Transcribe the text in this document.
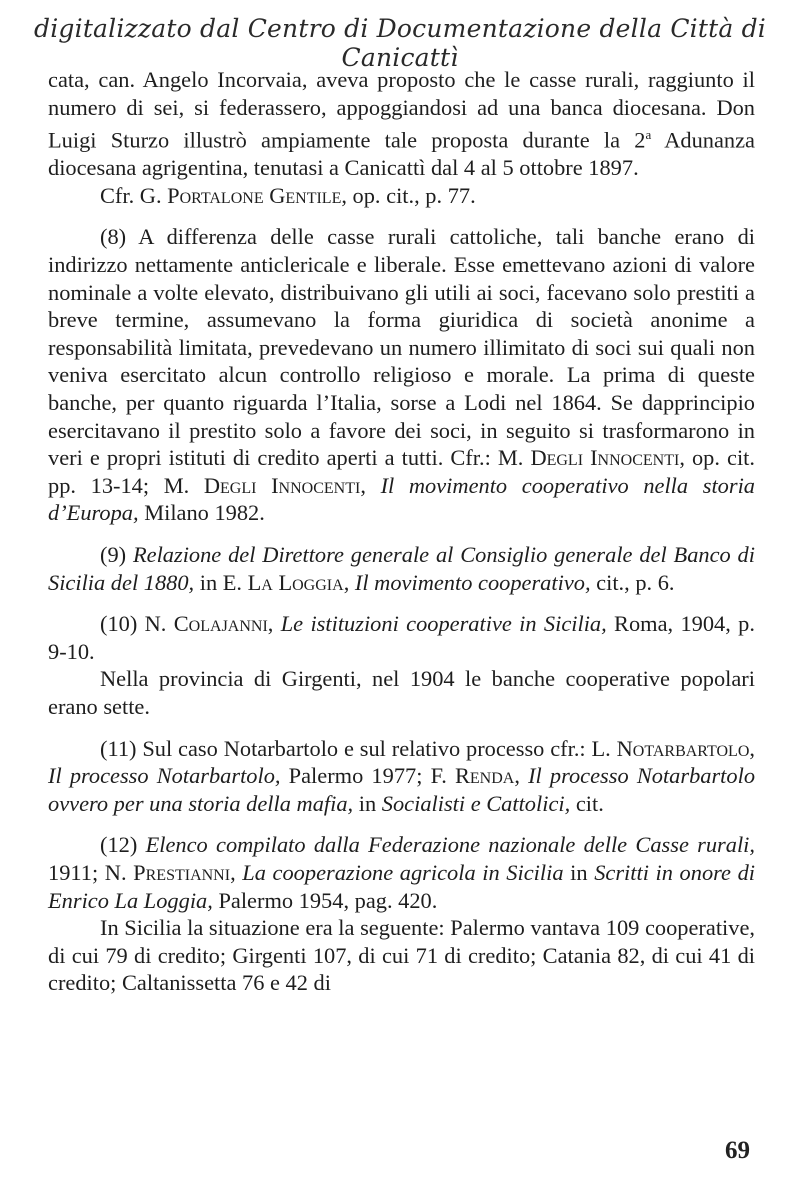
digitalizzato dal Centro di Documentazione della Città di Canicattì

cata, can. Angelo Incorvaia, aveva proposto che le casse rurali, raggiunto il numero di sei, si federassero, appoggiandosi ad una banca diocesana. Don Luigi Sturzo illustrò ampiamente tale proposta durante la 2$^a$ Adunanza diocesana agrigentina, tenutasi a Canicattì dal 4 al 5 ottobre 1897.

Cfr. G. Portalone Gentile, op. cit., p. 77.

(8) A differenza delle casse rurali cattoliche, tali banche erano di indirizzo nettamente anticlericale e liberale. Esse emettevano azioni di valore nominale a volte elevato, distribuivano gli utili ai soci, facevano solo prestiti a breve termine, assumevano la forma giuridica di società anonime a responsabilità limitata, prevedevano un numero illimitato di soci sui quali non veniva esercitato alcun controllo religioso e morale. La prima di queste banche, per quanto riguarda l’Italia, sorse a Lodi nel 1864. Se dapprincipio esercitavano il prestito solo a favore dei soci, in seguito si trasformarono in veri e propri istituti di credito aperti a tutti. Cfr.: M. Degli Innocenti, op. cit. pp. 13-14; M. Degli Innocenti, Il movimento cooperativo nella storia d’Europa, Milano 1982.

(9) Relazione del Direttore generale al Consiglio generale del Banco di Sicilia del 1880, in E. La Loggia, Il movimento cooperativo, cit., p. 6.

(10) N. Colajanni, Le istituzioni cooperative in Sicilia, Roma, 1904, p. 9-10.

Nella provincia di Girgenti, nel 1904 le banche cooperative popolari erano sette.

(11) Sul caso Notarbartolo e sul relativo processo cfr.: L. Notarbartolo, Il processo Notarbartolo, Palermo 1977; F. Renda, Il processo Notarbartolo ovvero per una storia della mafia, in Socialisti e Cattolici, cit.

(12) Elenco compilato dalla Federazione nazionale delle Casse rurali, 1911; N. Prestianni, La cooperazione agricola in Sicilia in Scritti in onore di Enrico La Loggia, Palermo 1954, pag. 420.

In Sicilia la situazione era la seguente: Palermo vantava 109 cooperative, di cui 79 di credito; Girgenti 107, di cui 71 di credito; Catania 82, di cui 41 di credito; Caltanissetta 76 e 42 di

69
